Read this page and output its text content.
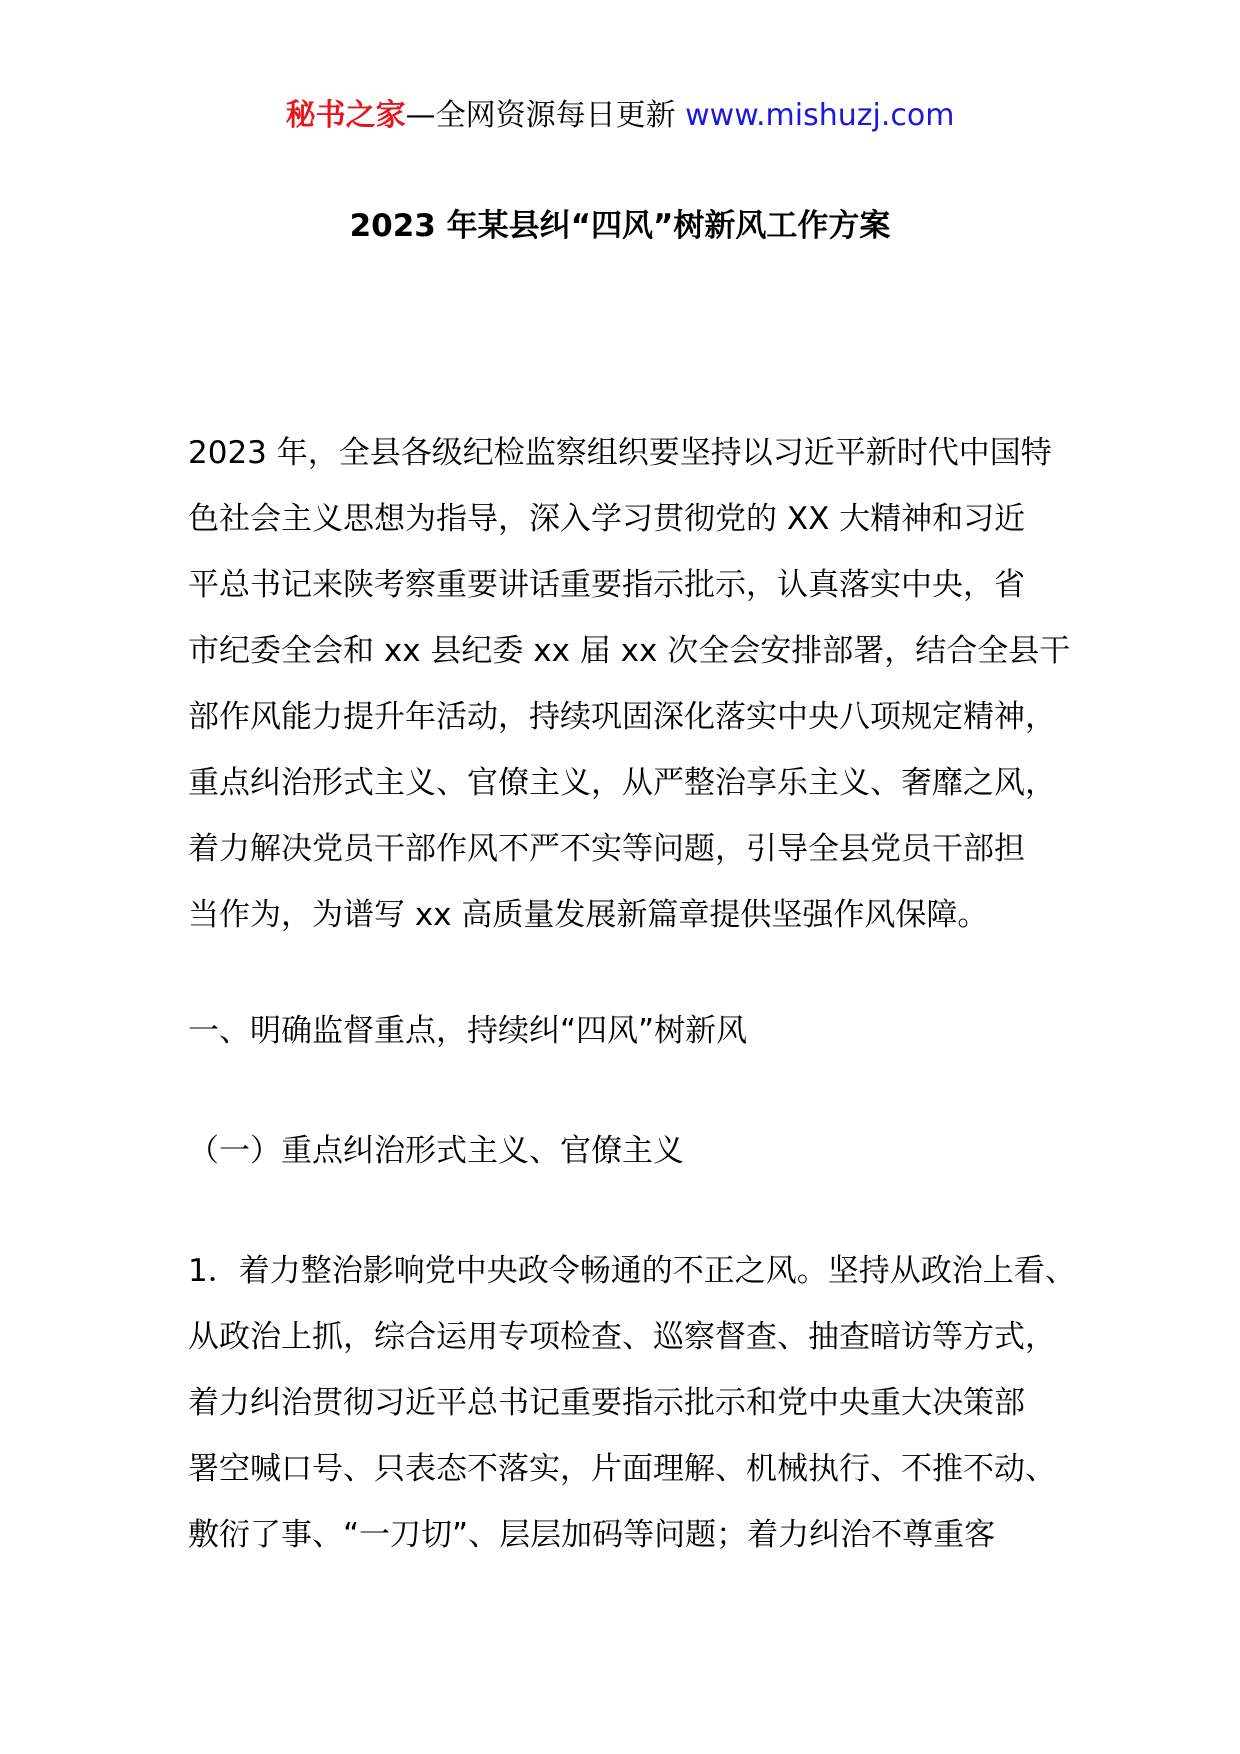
秘书之家—全网资源每日更新 www.mishuzj.com
2023 年某县纠“四风”树新风工作方案
2023 年，全县各级纪检监察组织要坚持以习近平新时代中国特
色社会主义思想为指导，深入学习贯彻党的 XX 大精神和习近
平总书记来陕考察重要讲话重要指示批示，认真落实中央，省
市纪委全会和 xx 县纪委 xx 届 xx 次全会安排部署，结合全县干
部作风能力提升年活动，持续巩固深化落实中央八项规定精神，
重点纠治形式主义、官僚主义，从严整治享乐主义、奢靡之风，
着力解决党员干部作风不严不实等问题，引导全县党员干部担
当作为，为谱写 xx 高质量发展新篇章提供坚强作风保障。
一、明确监督重点，持续纠“四风”树新风
（一）重点纠治形式主义、官僚主义
1．着力整治影响党中央政令畅通的不正之风。坚持从政治上看、
从政治上抓，综合运用专项检查、巡察督查、抽查暗访等方式，
着力纠治贯彻习近平总书记重要指示批示和党中央重大决策部
署空喊口号、只表态不落实，片面理解、机械执行、不推不动、
敷衍了事、“一刀切”、层层加码等问题；着力纠治不尊重客
